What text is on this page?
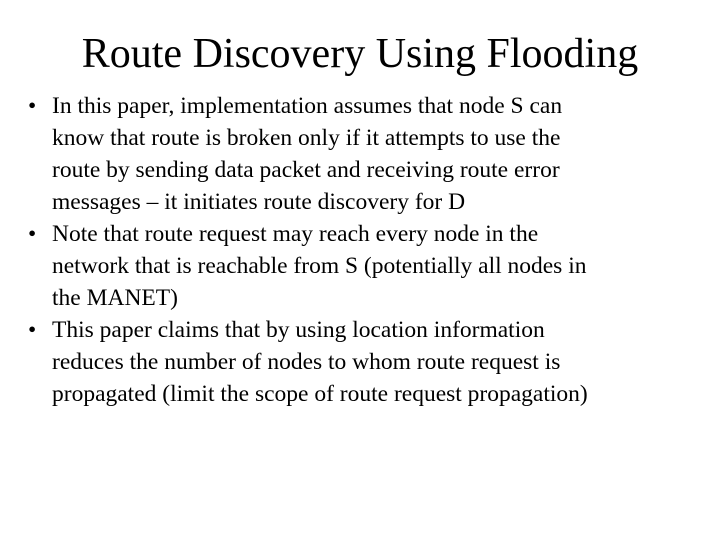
Route Discovery Using Flooding
• In this paper, implementation assumes that node S can
know that route is broken only if it attempts to use the
route by sending data packet and receiving route error
messages – it initiates route discovery for D
• Note that route request may reach every node in the
network that is reachable from S (potentially all nodes in
the MANET)
• This paper claims that by using location information
reduces the number of nodes to whom route request is
propagated (limit the scope of route request propagation)
